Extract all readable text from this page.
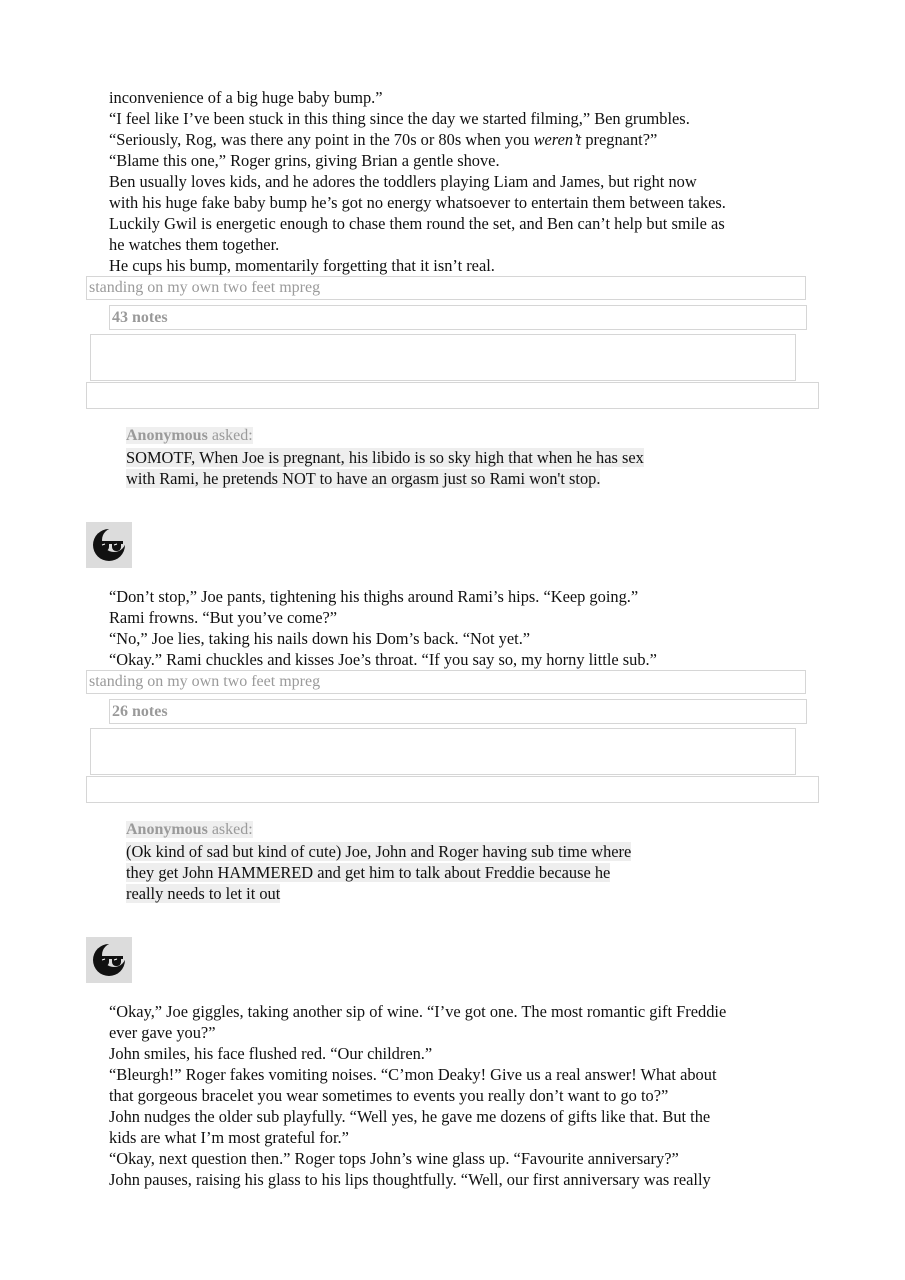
inconvenience of a big huge baby bump.”
“I feel like I’ve been stuck in this thing since the day we started filming,” Ben grumbles.
“Seriously, Rog, was there any point in the 70s or 80s when you weren’t pregnant?”
“Blame this one,” Roger grins, giving Brian a gentle shove.
Ben usually loves kids, and he adores the toddlers playing Liam and James, but right now
with his huge fake baby bump he’s got no energy whatsoever to entertain them between takes.
Luckily Gwil is energetic enough to chase them round the set, and Ben can’t help but smile as
he watches them together.
He cups his bump, momentarily forgetting that it isn’t real.
standing on my own two feet mpreg
43 notes
Anonymous asked:
SOMOTF, When Joe is pregnant, his libido is so sky high that when he has sex
with Rami, he pretends NOT to have an orgasm just so Rami won't stop.
“Don’t stop,” Joe pants, tightening his thighs around Rami’s hips. “Keep going.”
Rami frowns. “But you’ve come?”
“No,” Joe lies, taking his nails down his Dom’s back. “Not yet.”
“Okay.” Rami chuckles and kisses Joe’s throat. “If you say so, my horny little sub.”
standing on my own two feet mpreg
26 notes
Anonymous asked:
(Ok kind of sad but kind of cute) Joe, John and Roger having sub time where
they get John HAMMERED and get him to talk about Freddie because he
really needs to let it out
“Okay,” Joe giggles, taking another sip of wine. “I’ve got one. The most romantic gift Freddie
ever gave you?”
John smiles, his face flushed red. “Our children.”
“Bleurgh!” Roger fakes vomiting noises. “C’mon Deaky! Give us a real answer! What about
that gorgeous bracelet you wear sometimes to events you really don’t want to go to?”
John nudges the older sub playfully. “Well yes, he gave me dozens of gifts like that. But the
kids are what I’m most grateful for.”
“Okay, next question then.” Roger tops John’s wine glass up. “Favourite anniversary?”
John pauses, raising his glass to his lips thoughtfully. “Well, our first anniversary was really
